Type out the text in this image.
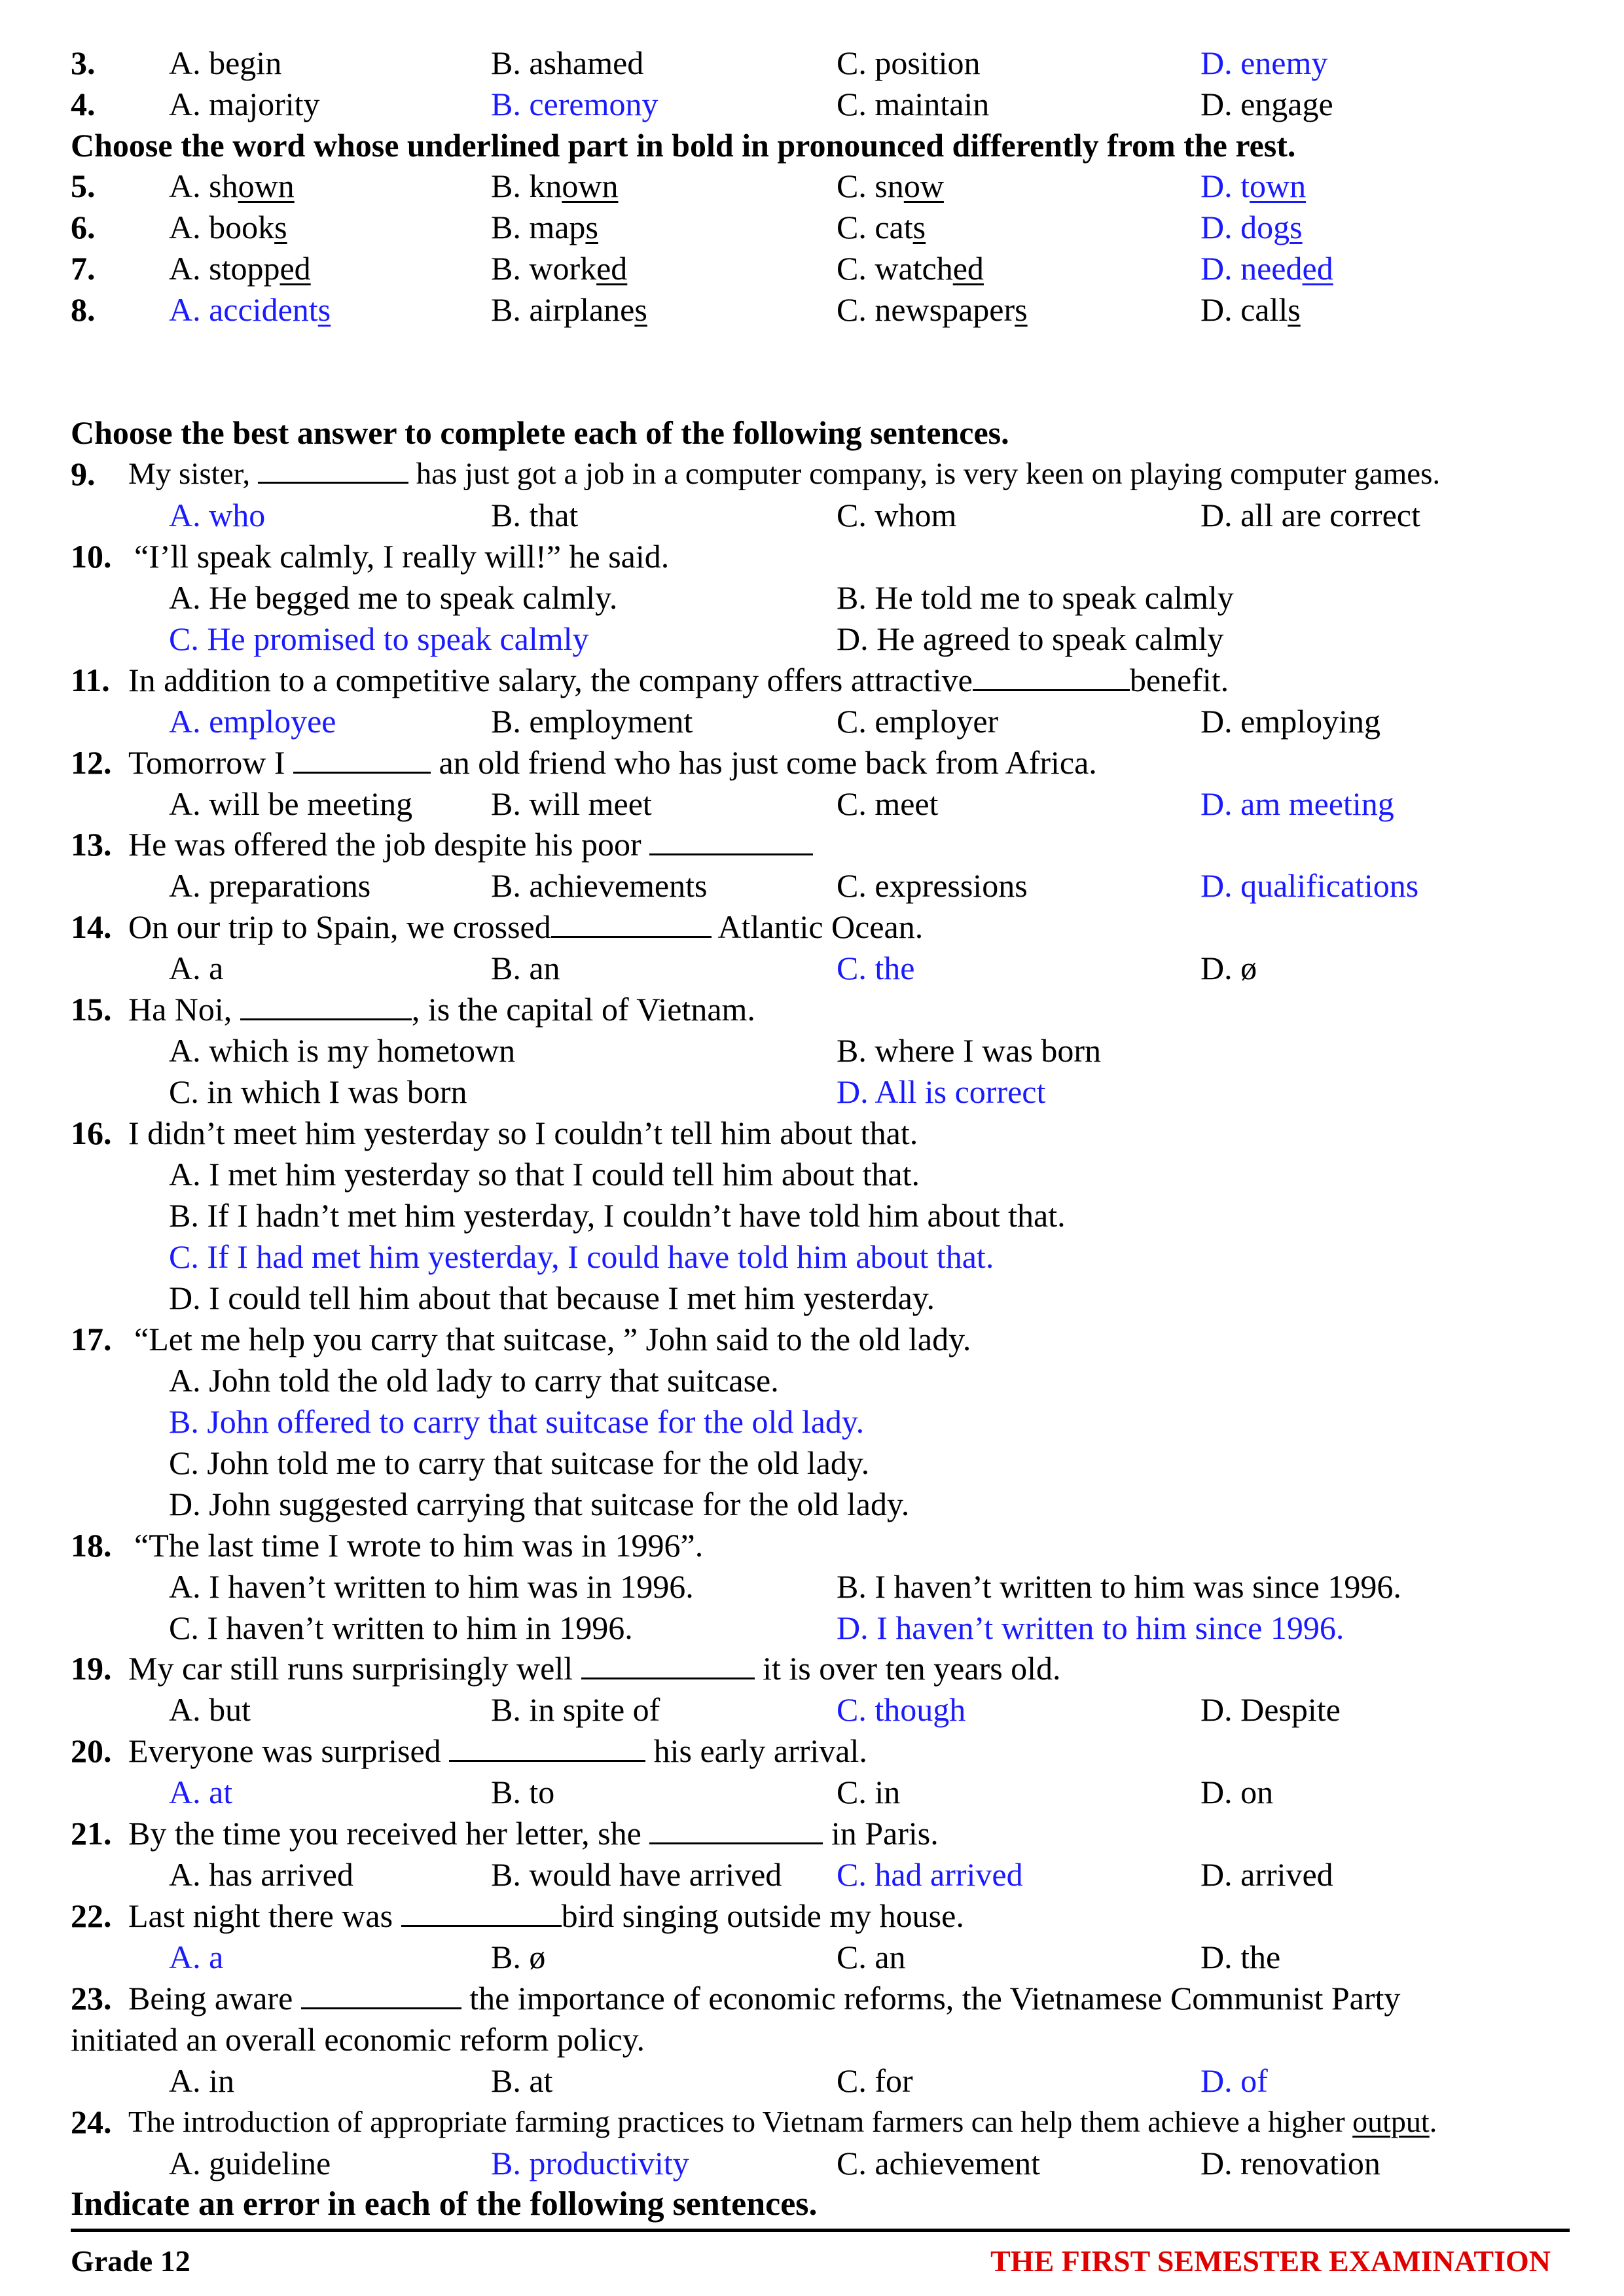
3. A. begin	B. ashamed	C. position	D. enemy
4. A. majority	B. ceremony	C. maintain	D. engage
Choose the word whose underlined part in bold in pronounced differently from the rest.
5. A. shown	B. known	C. snow	D. town
6. A. books	B. maps	C. cats	D. dogs
7. A. stopped	B. worked	C. watched	D. needed
8. A. accidents	B. airplanes	C. newspapers	D. calls
Choose the best answer to complete each of the following sentences.
9. My sister,	has just got a job in a computer company, is very keen on playing computer games.
A. who	B. that	C. whom	D. all are correct
10. “I’ll speak calmly, I really will!” he said.
A. He begged me to speak calmly.	B. He told me to speak calmly
C. He promised to speak calmly	D. He agreed to speak calmly
11. In addition to a competitive salary, the company offers attractive	benefit.
A. employee	B. employment	C. employer	D. employing
12. Tomorrow I	an old friend who has just come back from Africa.
A. will be meeting B. will meet	C. meet	D. am meeting
13. He was offered the job despite his poor
A. preparations	B. achievements	C. expressions	D. qualifications
14. On our trip to Spain, we crossed	Atlantic Ocean.
A. a	B. an	C. the	D. ø
15. Ha Noi,	, is the capital of Vietnam.
A. which is my hometown	B. where I was born
C. in which I was born	D. All is correct
16. I didn’t meet him yesterday so I couldn’t tell him about that.
A. I met him yesterday so that I could tell him about that.
B. If I hadn’t met him yesterday, I couldn’t have told him about that.
C. If I had met him yesterday, I could have told him about that.
D. I could tell him about that because I met him yesterday.
17. “Let me help you carry that suitcase, ” John said to the old lady.
A. John told the old lady to carry that suitcase.
B. John offered to carry that suitcase for the old lady.
C. John told me to carry that suitcase for the old lady.
D. John suggested carrying that suitcase for the old lady.
18. “The last time I wrote to him was in 1996”.
A. I haven’t written to him was in 1996.	B. I haven’t written to him was since 1996.
C. I haven’t written to him in 1996.	D. I haven’t written to him since 1996.
19. My car still runs surprisingly well	it is over ten years old.
A. but	B. in spite of	C. though	D. Despite
20. Everyone was surprised	his early arrival.
A. at	B. to	C. in	D. on
21. By the time you received her letter, she	in Paris.
A. has arrived	B. would have arrived C. had arrived	D. arrived
22. Last night there was	bird singing outside my house.
A. a	B. ø	C. an	D. the
23. Being aware	the importance of economic reforms, the Vietnamese Communist Party
initiated an overall economic reform policy.
A. in	B. at	C. for	D. of
24. The introduction of appropriate farming practices to Vietnam farmers can help them achieve a higher output.
A. guideline	B. productivity	C. achievement	D. renovation
Indicate an error in each of the following sentences.
Grade 12	THE FIRST SEMESTER EXAMINATION
